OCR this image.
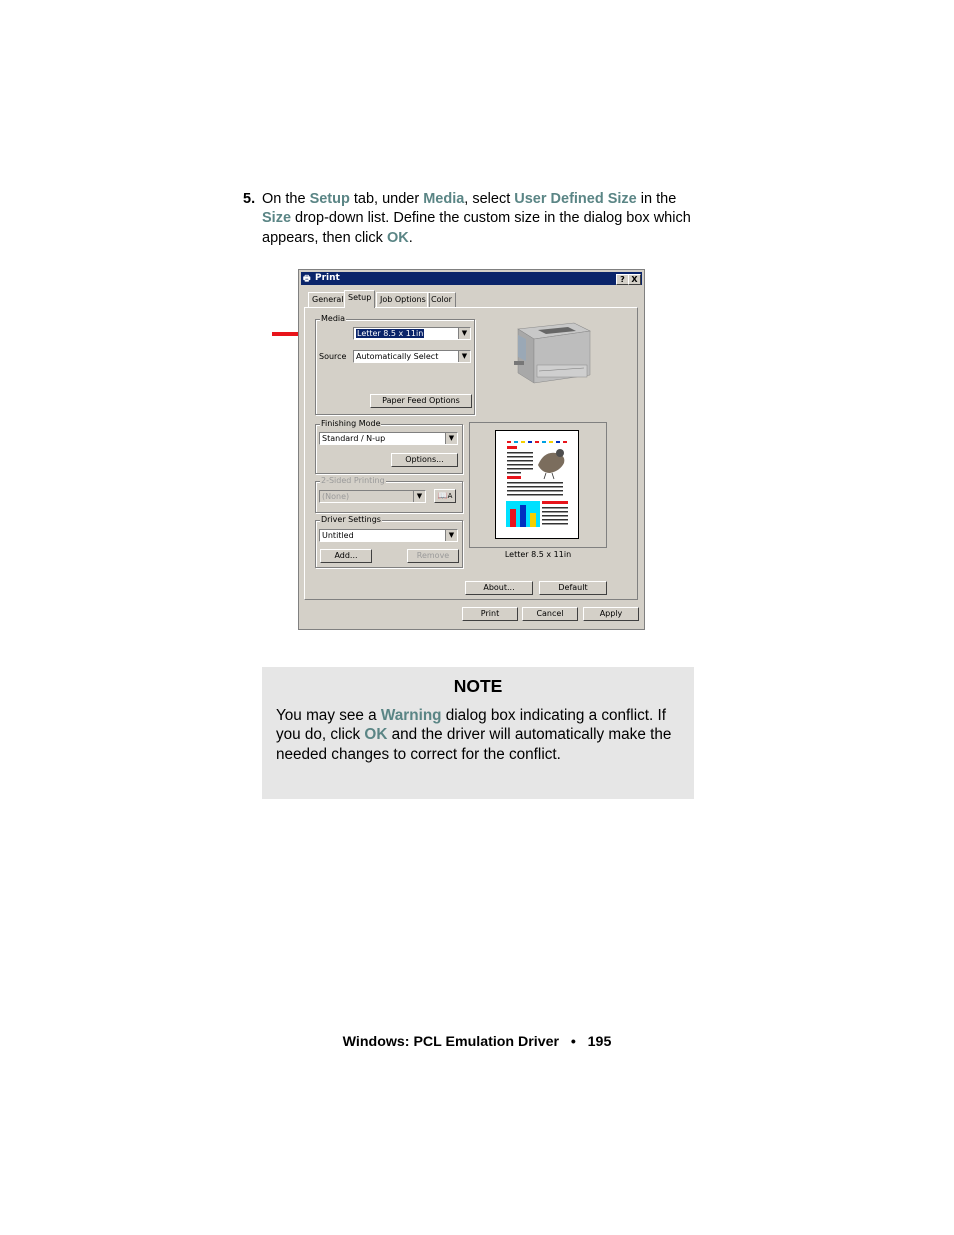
5. On the Setup tab, under Media, select User Defined Size in the
Size drop-down list. Define the custom size in the dialog box which appears, then click OK.
🖶 Print	? X
General Setup	Job Options Color
Media
Letter 8.5 x 11in	▼
Source	Automatically Select	▼
Paper Feed Options
Finishing Mode
Standard / N-up	▼
Options...
2-Sided Printing
(None)	▼	📖A
Driver Settings
Untitled	▼
Add...	Remove
About...	Default
Print	Cancel	Apply
Letter 8.5 x 11in
NOTE
You may see a Warning dialog box indicating a conflict. If you do, click OK and the driver will automatically make the needed changes to correct for the conflict.
Windows: PCL Emulation Driver • 195
